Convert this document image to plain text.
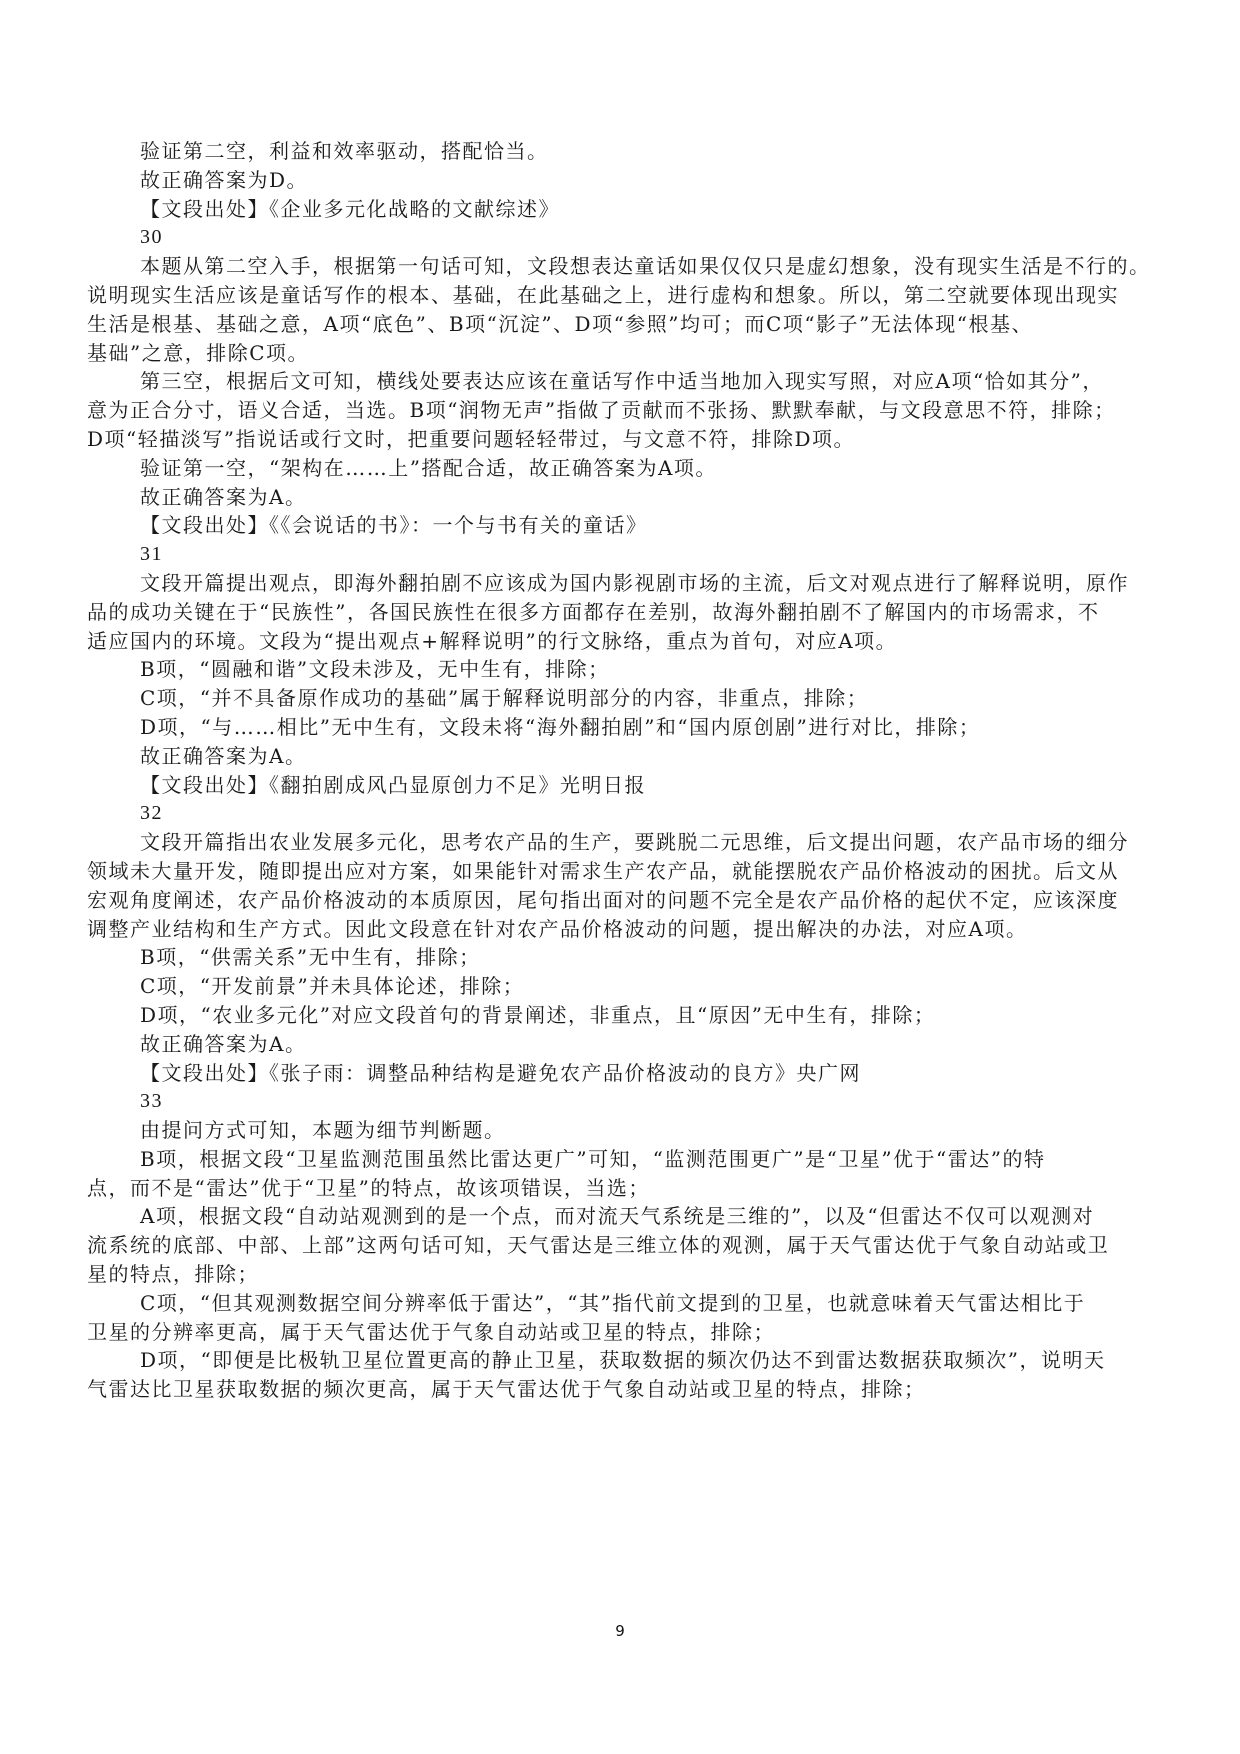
验证第二空，利益和效率驱动，搭配恰当。
故正确答案为D。
【文段出处】《企业多元化战略的文献综述》
30
本题从第二空入手，根据第一句话可知，文段想表达童话如果仅仅只是虚幻想象，没有现实生活是不行的。
说明现实生活应该是童话写作的根本、基础，在此基础之上，进行虚构和想象。所以，第二空就要体现出现实
生活是根基、基础之意，A项“底色”、B项“沉淀”、D项“参照”均可；而C项“影子”无法体现“根基、
基础”之意，排除C项。
第三空，根据后文可知，横线处要表达应该在童话写作中适当地加入现实写照，对应A项“恰如其分”，
意为正合分寸，语义合适，当选。B项“润物无声”指做了贡献而不张扬、默默奉献，与文段意思不符，排除；
D项“轻描淡写”指说话或行文时，把重要问题轻轻带过，与文意不符，排除D项。
验证第一空，“架构在……上”搭配合适，故正确答案为A项。
故正确答案为A。
【文段出处】《《会说话的书》：一个与书有关的童话》
31
文段开篇提出观点，即海外翻拍剧不应该成为国内影视剧市场的主流，后文对观点进行了解释说明，原作
品的成功关键在于“民族性”，各国民族性在很多方面都存在差别，故海外翻拍剧不了解国内的市场需求，不
适应国内的环境。文段为“提出观点+解释说明”的行文脉络，重点为首句，对应A项。
B项，“圆融和谐”文段未涉及，无中生有，排除；
C项，“并不具备原作成功的基础”属于解释说明部分的内容，非重点，排除；
D项，“与……相比”无中生有，文段未将“海外翻拍剧”和“国内原创剧”进行对比，排除；
故正确答案为A。
【文段出处】《翻拍剧成风凸显原创力不足》光明日报
32
文段开篇指出农业发展多元化，思考农产品的生产，要跳脱二元思维，后文提出问题，农产品市场的细分
领域未大量开发，随即提出应对方案，如果能针对需求生产农产品，就能摆脱农产品价格波动的困扰。后文从
宏观角度阐述，农产品价格波动的本质原因，尾句指出面对的问题不完全是农产品价格的起伏不定，应该深度
调整产业结构和生产方式。因此文段意在针对农产品价格波动的问题，提出解决的办法，对应A项。
B项，“供需关系”无中生有，排除；
C项，“开发前景”并未具体论述，排除；
D项，“农业多元化”对应文段首句的背景阐述，非重点，且“原因”无中生有，排除；
故正确答案为A。
【文段出处】《张子雨：调整品种结构是避免农产品价格波动的良方》央广网
33
由提问方式可知，本题为细节判断题。
B项，根据文段“卫星监测范围虽然比雷达更广”可知，“监测范围更广”是“卫星”优于“雷达”的特
点，而不是“雷达”优于“卫星”的特点，故该项错误，当选；
A项，根据文段“自动站观测到的是一个点，而对流天气系统是三维的”，以及“但雷达不仅可以观测对
流系统的底部、中部、上部”这两句话可知，天气雷达是三维立体的观测，属于天气雷达优于气象自动站或卫
星的特点，排除；
C项，“但其观测数据空间分辨率低于雷达”，“其”指代前文提到的卫星，也就意味着天气雷达相比于
卫星的分辨率更高，属于天气雷达优于气象自动站或卫星的特点，排除；
D项，“即便是比极轨卫星位置更高的静止卫星，获取数据的频次仍达不到雷达数据获取频次”，说明天
气雷达比卫星获取数据的频次更高，属于天气雷达优于气象自动站或卫星的特点，排除；
9
